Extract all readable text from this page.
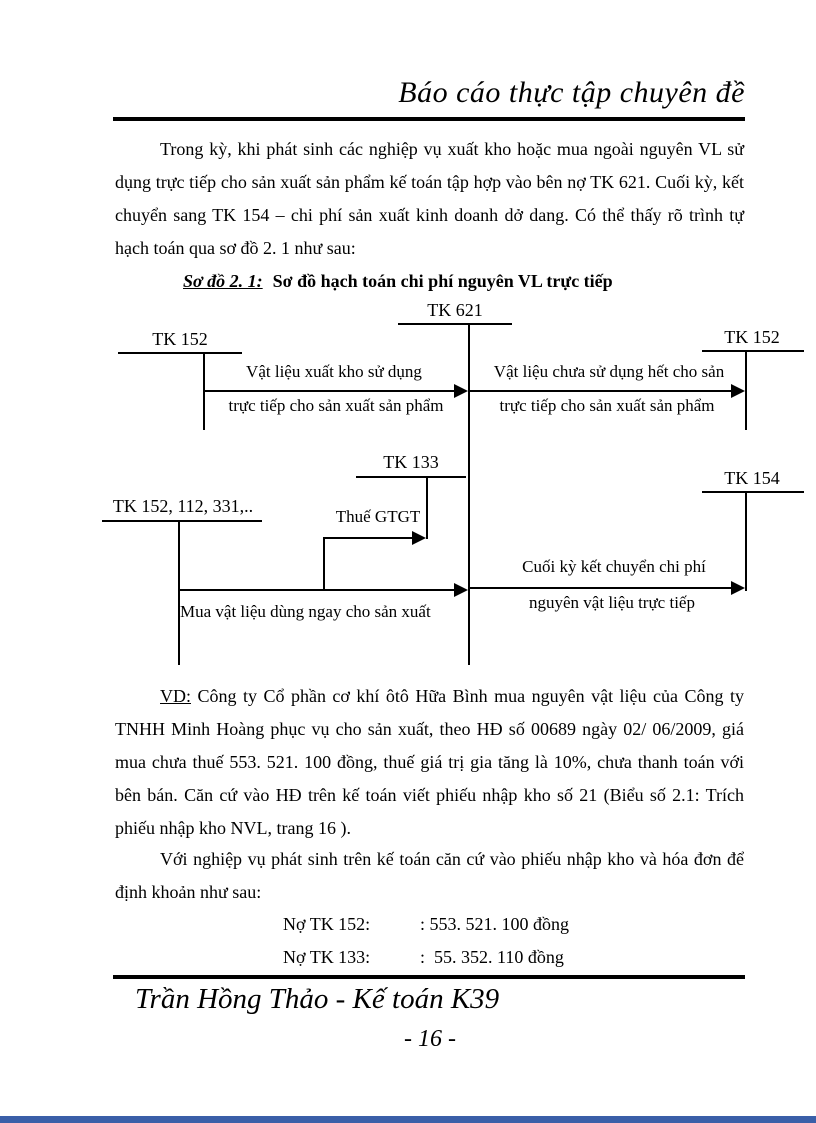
Báo cáo thực tập chuyên đề
Trong kỳ, khi phát sinh các nghiệp vụ xuất kho hoặc mua ngoài nguyên VL sử dụng trực tiếp cho sản xuất sản phẩm kế toán tập hợp vào bên nợ TK 621. Cuối kỳ, kết chuyển sang TK 154 – chi phí sản xuất kinh doanh dở dang. Có thể thấy rõ trình tự hạch toán qua sơ đồ 2. 1 như sau:
Sơ đồ 2. 1: Sơ đồ hạch toán chi phí nguyên VL trực tiếp
TK 621
TK 152
Vật liệu xuất kho sử dụng
trực tiếp cho sản xuất sản phẩm
TK 152
Vật liệu chưa sử dụng hết cho sản
trực tiếp cho sản xuất sản phẩm
TK 133
Thuế GTGT
TK 152, 112, 331,..
Mua vật liệu dùng ngay cho sản xuất
TK 154
Cuối kỳ kết chuyển chi phí
nguyên vật liệu trực tiếp
VD: Công ty Cổ phần cơ khí ôtô Hữa Bình mua nguyên vật liệu của Công ty TNHH Minh Hoàng phục vụ cho sản xuất, theo HĐ số 00689 ngày 02/ 06/2009, giá mua chưa thuế 553. 521. 100 đồng, thuế giá trị gia tăng là 10%, chưa thanh toán với bên bán. Căn cứ vào HĐ trên kế toán viết phiếu nhập kho số 21 (Biểu số 2.1: Trích phiếu nhập kho NVL, trang 16 ).
Với nghiệp vụ phát sinh trên kế toán căn cứ vào phiếu nhập kho và hóa đơn để định khoản như sau:
Nợ TK 152:	: 553. 521. 100 đồng
Nợ TK 133:	:  55. 352. 110 đồng
Trần Hồng Thảo - Kế toán K39
- 16 -
